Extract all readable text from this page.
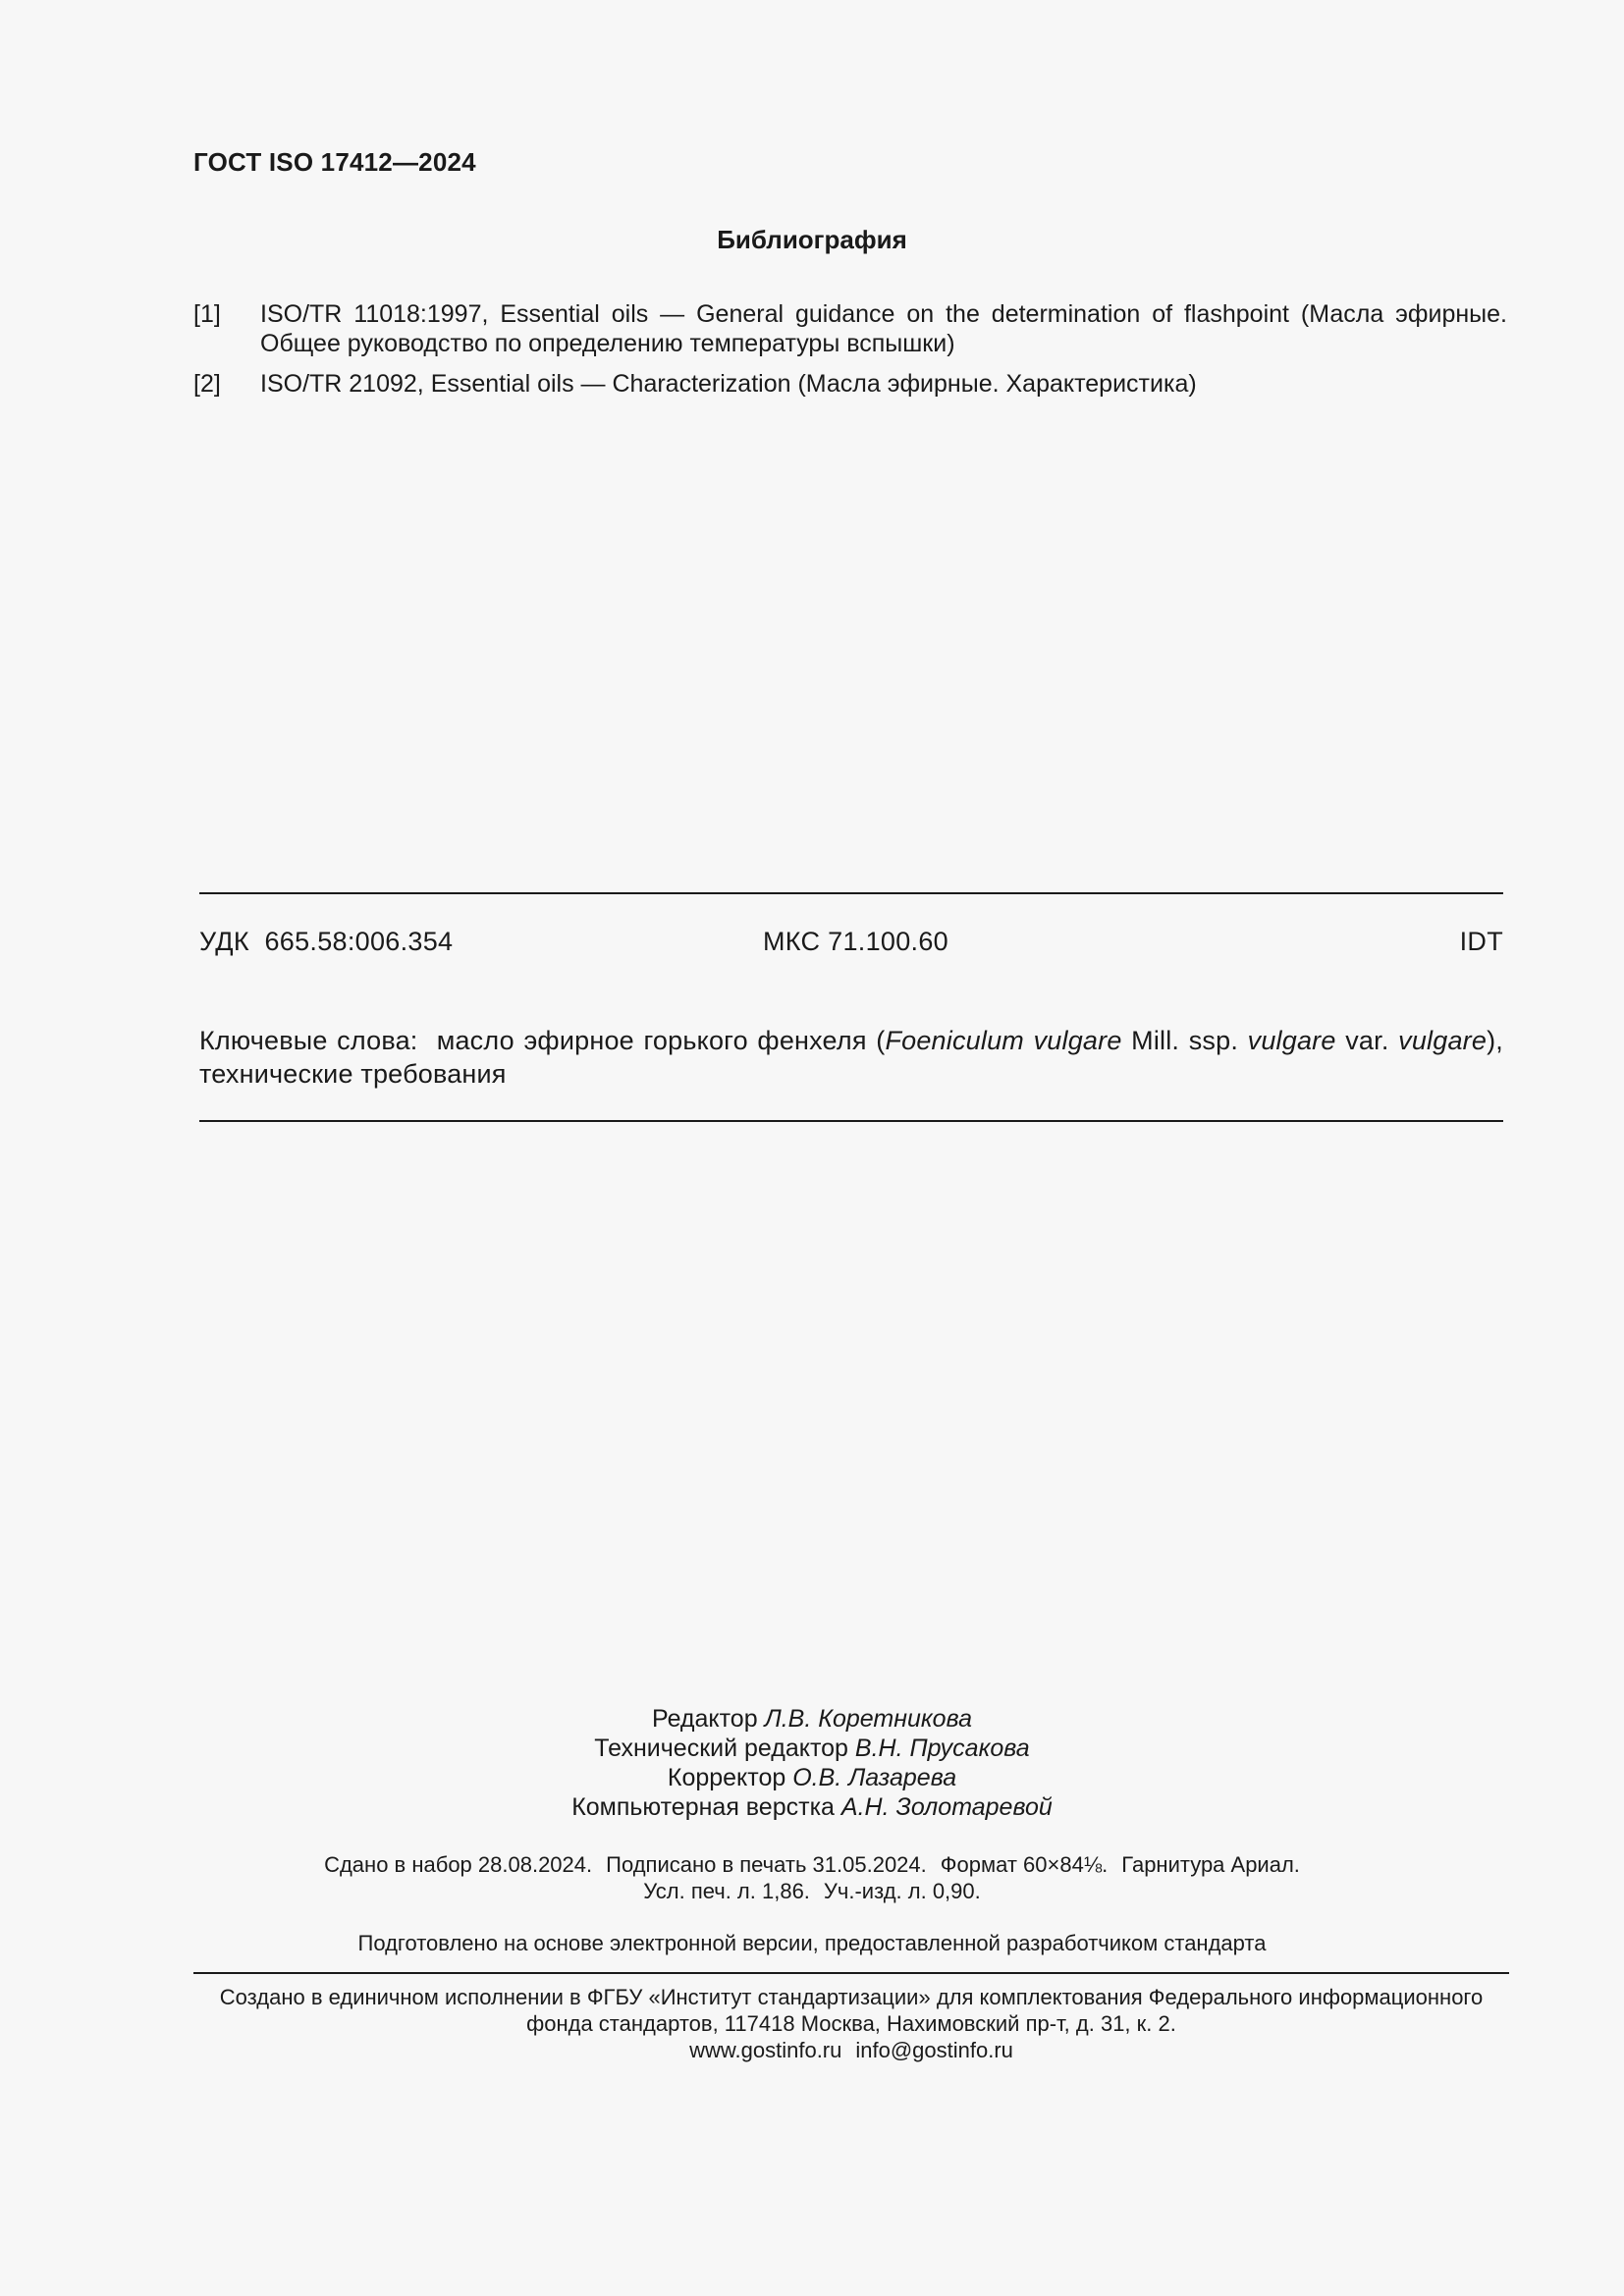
ГОСТ ISO 17412—2024
Библиография
[1] ISO/TR 11018:1997, Essential oils — General guidance on the determination of flashpoint (Масла эфирные. Общее руководство по определению температуры вспышки)
[2] ISO/TR 21092, Essential oils — Characterization (Масла эфирные. Характеристика)
УДК 665.58:006.354	МКС 71.100.60	IDT
Ключевые слова: масло эфирное горького фенхеля (Foeniculum vulgare Mill. ssp. vulgare var. vulgare), технические требования
Редактор Л.В. Коретникова
Технический редактор В.Н. Прусакова
Корректор О.В. Лазарева
Компьютерная верстка А.Н. Золотаревой
Сдано в набор 28.08.2024. Подписано в печать 31.05.2024. Формат 60×84⅛. Гарнитура Ариал.
Усл. печ. л. 1,86. Уч.-изд. л. 0,90.
Подготовлено на основе электронной версии, предоставленной разработчиком стандарта
Создано в единичном исполнении в ФГБУ «Институт стандартизации» для комплектования Федерального информационного
фонда стандартов, 117418 Москва, Нахимовский пр-т, д. 31, к. 2.
www.gostinfo.ru info@gostinfo.ru
